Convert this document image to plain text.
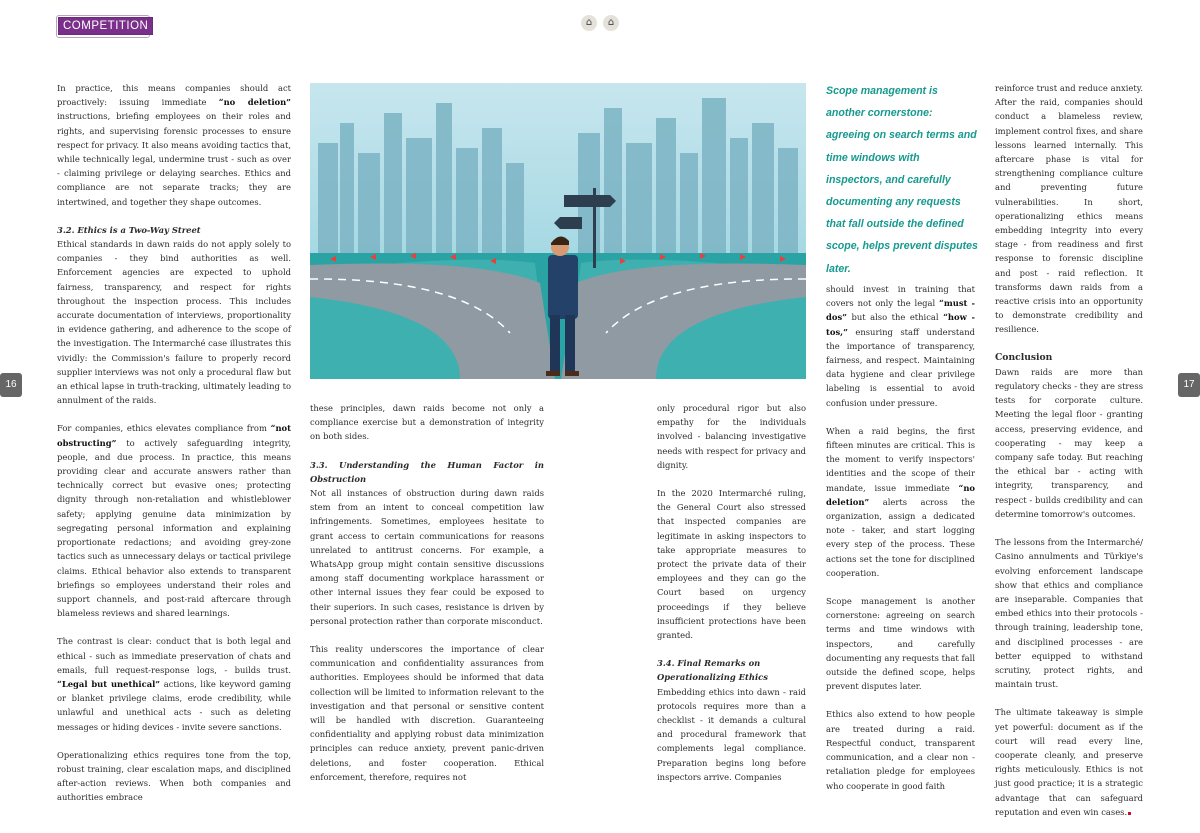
COMPETITION	⌂	⌂
16	17

In practice, this means companies should act proactively: issuing immediate “no deletion” instructions, briefing employees on their roles and rights, and supervising forensic processes to ensure respect for privacy. It also means avoiding tactics that, while technically legal, undermine trust - such as over - claiming privilege or delaying searches. Ethics and compliance are not separate tracks; they are intertwined, and together they shape outcomes.

3.2. Ethics is a Two-Way Street

Ethical standards in dawn raids do not apply solely to companies - they bind authorities as well. Enforcement agencies are expected to uphold fairness, transparency, and respect for rights throughout the inspection process. This includes accurate documentation of interviews, proportionality in evidence gathering, and adherence to the scope of the investigation. The Intermarché case illustrates this vividly: the Commission's failure to properly record supplier interviews was not only a procedural flaw but an ethical lapse in truth-tracking, ultimately leading to annulment of the raids.

For companies, ethics elevates compliance from “not obstructing” to actively safeguarding integrity, people, and due process. In practice, this means providing clear and accurate answers rather than technically correct but evasive ones; protecting dignity through non-retaliation and whistleblower safety; applying genuine data minimization by segregating personal information and explaining proportionate redactions; and avoiding grey-zone tactics such as unnecessary delays or tactical privilege claims. Ethical behavior also extends to transparent briefings so employees understand their roles and support channels, and post-raid aftercare through blameless reviews and shared learnings.

The contrast is clear: conduct that is both legal and ethical - such as immediate preservation of chats and emails, full request-response logs, - builds trust. “Legal but unethical” actions, like keyword gaming or blanket privilege claims, erode credibility, while unlawful and unethical acts - such as deleting messages or hiding devices - invite severe sanctions.

Operationalizing ethics requires tone from the top, robust training, clear escalation maps, and disciplined after-action reviews. When both companies and authorities embrace

these principles, dawn raids become not only a compliance exercise but a demonstration of integrity on both sides.

3.3. Understanding the Human Factor in Obstruction

Not all instances of obstruction during dawn raids stem from an intent to conceal competition law infringements. Sometimes, employees hesitate to grant access to certain communications for reasons unrelated to antitrust concerns. For example, a WhatsApp group might contain sensitive discussions among staff documenting workplace harassment or other internal issues they fear could be exposed to their superiors. In such cases, resistance is driven by personal protection rather than corporate misconduct.

This reality underscores the importance of clear communication and confidentiality assurances from authorities. Employees should be informed that data collection will be limited to information relevant to the investigation and that personal or sensitive content will be handled with discretion. Guaranteeing confidentiality and applying robust data minimization principles can reduce anxiety, prevent panic-driven deletions, and foster cooperation. Ethical enforcement, therefore, requires not

only procedural rigor but also empathy for the individuals involved - balancing investigative needs with respect for privacy and dignity.

In the 2020 Intermarché ruling, the General Court also stressed that inspected companies are legitimate in asking inspectors to take appropriate measures to protect the private data of their employees and they can go the Court based on urgency proceedings if they believe insufficient protections have been granted.

3.4. Final Remarks on
Operationalizing Ethics

Embedding ethics into dawn - raid protocols requires more than a checklist - it demands a cultural and procedural framework that complements legal compliance. Preparation begins long before inspectors arrive. Companies

Scope management is another cornerstone: agreeing on search terms and time windows with inspectors, and carefully documenting any requests that fall outside the defined scope, helps prevent disputes later.

should invest in training that covers not only the legal “must - dos” but also the ethical “how - tos,” ensuring staff understand the importance of transparency, fairness, and respect. Maintaining data hygiene and clear privilege labeling is essential to avoid confusion under pressure.

When a raid begins, the first fifteen minutes are critical. This is the moment to verify inspectors' identities and the scope of their mandate, issue immediate “no deletion” alerts across the organization, assign a dedicated note - taker, and start logging every step of the process. These actions set the tone for disciplined cooperation.

Scope management is another cornerstone: agreeing on search terms and time windows with inspectors, and carefully documenting any requests that fall outside the defined scope, helps prevent disputes later.

Ethics also extend to how people are treated during a raid. Respectful conduct, transparent communication, and a clear non - retaliation pledge for employees who cooperate in good faith

reinforce trust and reduce anxiety. After the raid, companies should conduct a blameless review, implement control fixes, and share lessons learned internally. This aftercare phase is vital for strengthening compliance culture and preventing future vulnerabilities. In short, operationalizing ethics means embedding integrity into every stage - from readiness and first response to forensic discipline and post - raid reflection. It transforms dawn raids from a reactive crisis into an opportunity to demonstrate credibility and resilience.

Conclusion

Dawn raids are more than regulatory checks - they are stress tests for corporate culture. Meeting the legal floor - granting access, preserving evidence, and cooperating - may keep a company safe today. But reaching the ethical bar - acting with integrity, transparency, and respect - builds credibility and can determine tomorrow's outcomes.

The lessons from the Intermarché/ Casino annulments and Türkiye's evolving enforcement landscape show that ethics and compliance are inseparable. Companies that embed ethics into their protocols - through training, leadership tone, and disciplined processes - are better equipped to withstand scrutiny, protect rights, and maintain trust.

The ultimate takeaway is simple yet powerful: document as if the court will read every line, cooperate cleanly, and preserve rights meticulously. Ethics is not just good practice; it is a strategic advantage that can safeguard reputation and even win cases.
